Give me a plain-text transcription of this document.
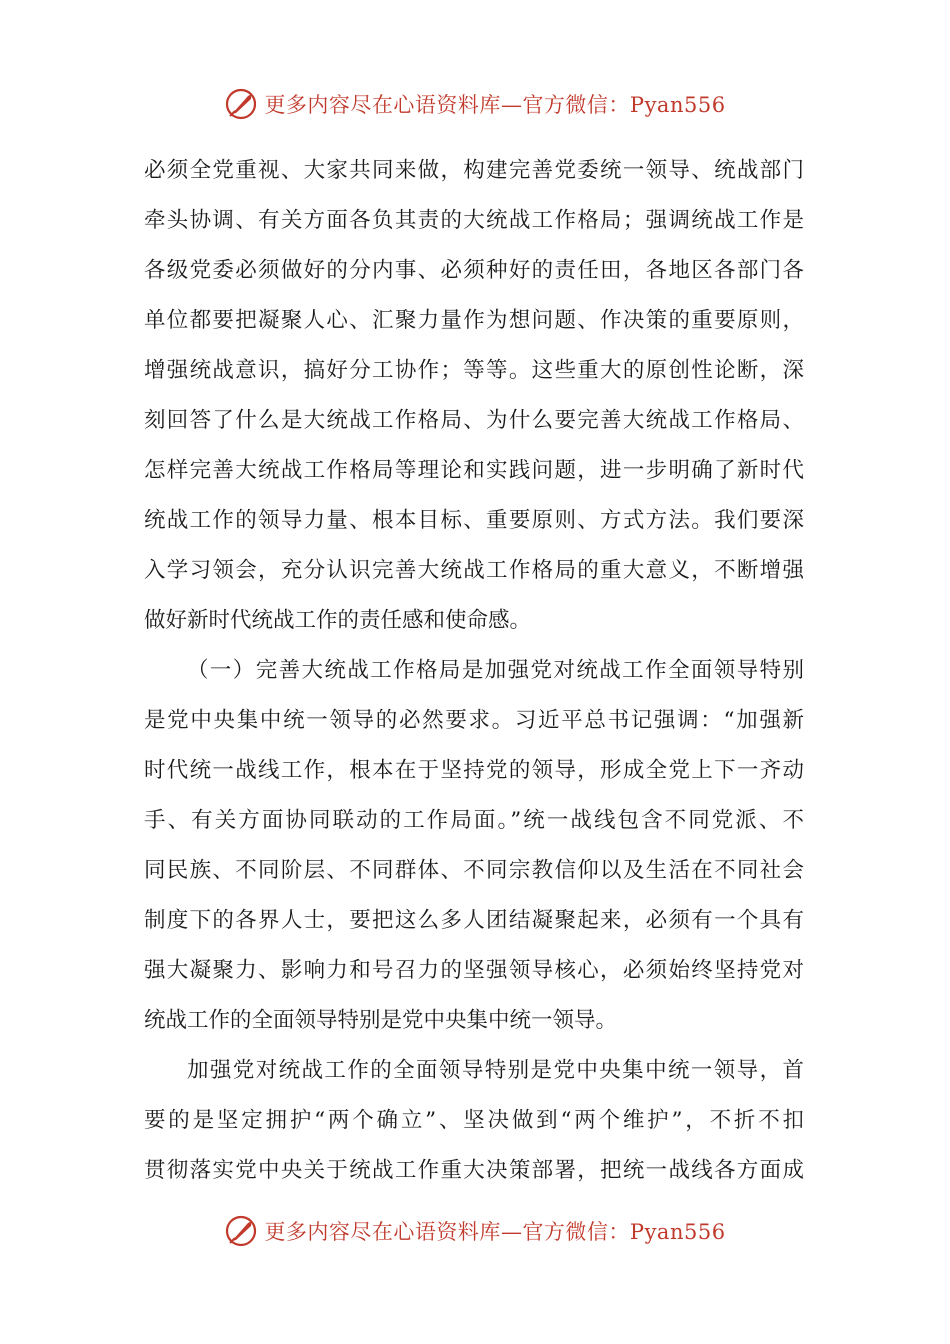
更多内容尽在心语资料库—官方微信：Pyan556
必须全党重视、大家共同来做，构建完善党委统一领导、统战部门
牵头协调、有关方面各负其责的大统战工作格局；强调统战工作是
各级党委必须做好的分内事、必须种好的责任田，各地区各部门各
单位都要把凝聚人心、汇聚力量作为想问题、作决策的重要原则，
增强统战意识，搞好分工协作；等等。这些重大的原创性论断，深
刻回答了什么是大统战工作格局、为什么要完善大统战工作格局、
怎样完善大统战工作格局等理论和实践问题，进一步明确了新时代
统战工作的领导力量、根本目标、重要原则、方式方法。我们要深
入学习领会，充分认识完善大统战工作格局的重大意义，不断增强
做好新时代统战工作的责任感和使命感。
（一）完善大统战工作格局是加强党对统战工作全面领导特别
是党中央集中统一领导的必然要求。习近平总书记强调：“加强新
时代统一战线工作，根本在于坚持党的领导，形成全党上下一齐动
手、有关方面协同联动的工作局面。”统一战线包含不同党派、不
同民族、不同阶层、不同群体、不同宗教信仰以及生活在不同社会
制度下的各界人士，要把这么多人团结凝聚起来，必须有一个具有
强大凝聚力、影响力和号召力的坚强领导核心，必须始终坚持党对
统战工作的全面领导特别是党中央集中统一领导。
加强党对统战工作的全面领导特别是党中央集中统一领导，首
要的是坚定拥护“两个确立”、坚决做到“两个维护”，不折不扣
贯彻落实党中央关于统战工作重大决策部署，把统一战线各方面成
更多内容尽在心语资料库—官方微信：Pyan556
